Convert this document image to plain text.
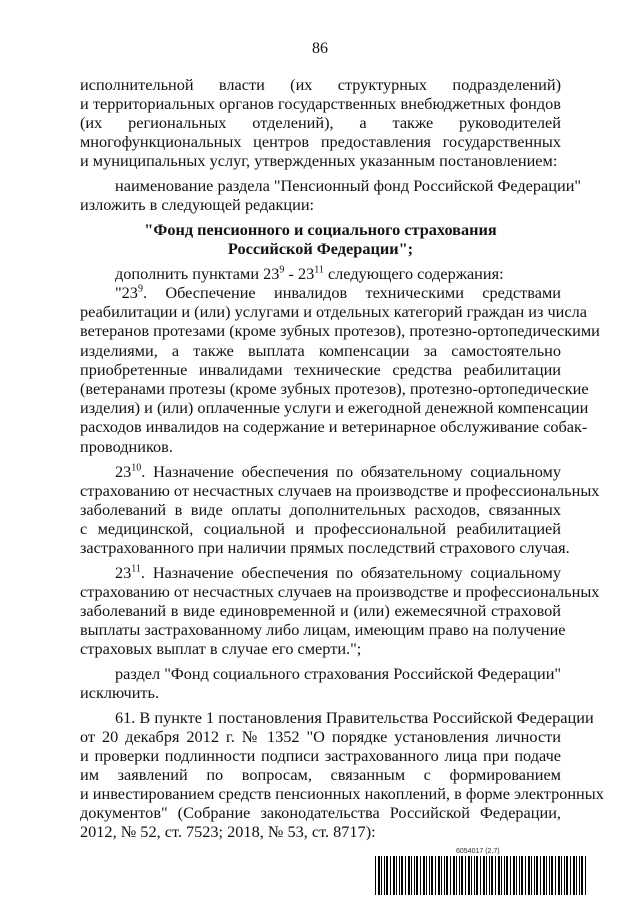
86
исполнительной власти (их структурных подразделений)
и территориальных органов государственных внебюджетных фондов
(их региональных отделений), а также руководителей
многофункциональных центров предоставления государственных
и муниципальных услуг, утвержденных указанным постановлением:
наименование раздела "Пенсионный фонд Российской Федерации"
изложить в следующей редакции:
"Фонд пенсионного и социального страхования
Российской Федерации";
дополнить пунктами $23^9 - 23^{11}$ следующего содержания:
"$23^9$. Обеспечение инвалидов техническими средствами
реабилитации и (или) услугами и отдельных категорий граждан из числа
ветеранов протезами (кроме зубных протезов), протезно-ортопедическими
изделиями, а также выплата компенсации за самостоятельно
приобретенные инвалидами технические средства реабилитации
(ветеранами протезы (кроме зубных протезов), протезно-ортопедические
изделия) и (или) оплаченные услуги и ежегодной денежной компенсации
расходов инвалидов на содержание и ветеринарное обслуживание собак-
проводников.
$23^{10}$. Назначение обеспечения по обязательному социальному
страхованию от несчастных случаев на производстве и профессиональных
заболеваний в виде оплаты дополнительных расходов, связанных
с медицинской, социальной и профессиональной реабилитацией
застрахованного при наличии прямых последствий страхового случая.
$23^{11}$. Назначение обеспечения по обязательному социальному
страхованию от несчастных случаев на производстве и профессиональных
заболеваний в виде единовременной и (или) ежемесячной страховой
выплаты застрахованному либо лицам, имеющим право на получение
страховых выплат в случае его смерти.";
раздел "Фонд социального страхования Российской Федерации"
исключить.
61. В пункте 1 постановления Правительства Российской Федерации
от 20 декабря 2012 г. № 1352 "О порядке установления личности
и проверки подлинности подписи застрахованного лица при подаче
им заявлений по вопросам, связанным с формированием
и инвестированием средств пенсионных накоплений, в форме электронных
документов" (Собрание законодательства Российской Федерации,
2012, № 52, ст. 7523; 2018, № 53, ст. 8717):
6054017 (2.7)
